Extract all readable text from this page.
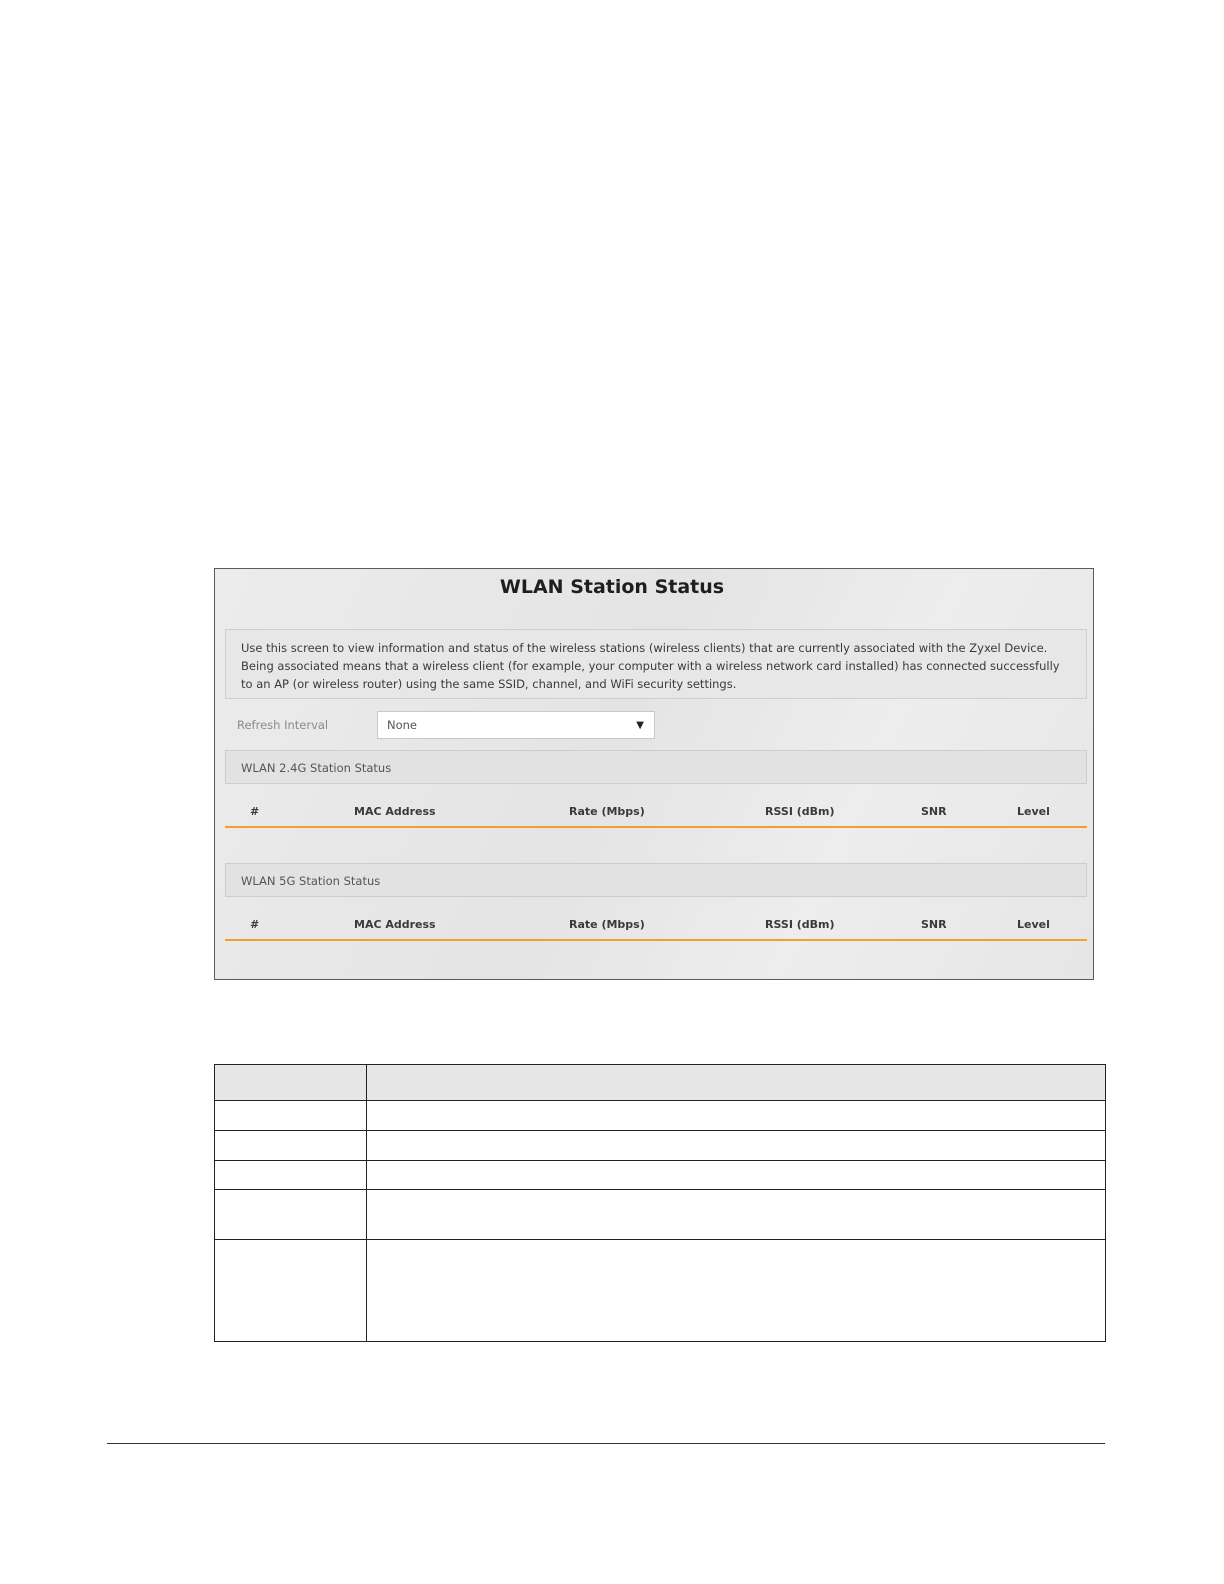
WLAN Station Status
Use this screen to view information and status of the wireless stations (wireless clients) that are currently associated with the Zyxel Device. Being associated means that a wireless client (for example, your computer with a wireless network card installed) has connected successfully to an AP (or wireless router) using the same SSID, channel, and WiFi security settings.
Refresh Interval	None	▼
WLAN 2.4G Station Status
#	MAC Address	Rate (Mbps)	RSSI (dBm)	SNR	Level
WLAN 5G Station Status
#	MAC Address	Rate (Mbps)	RSSI (dBm)	SNR	Level
